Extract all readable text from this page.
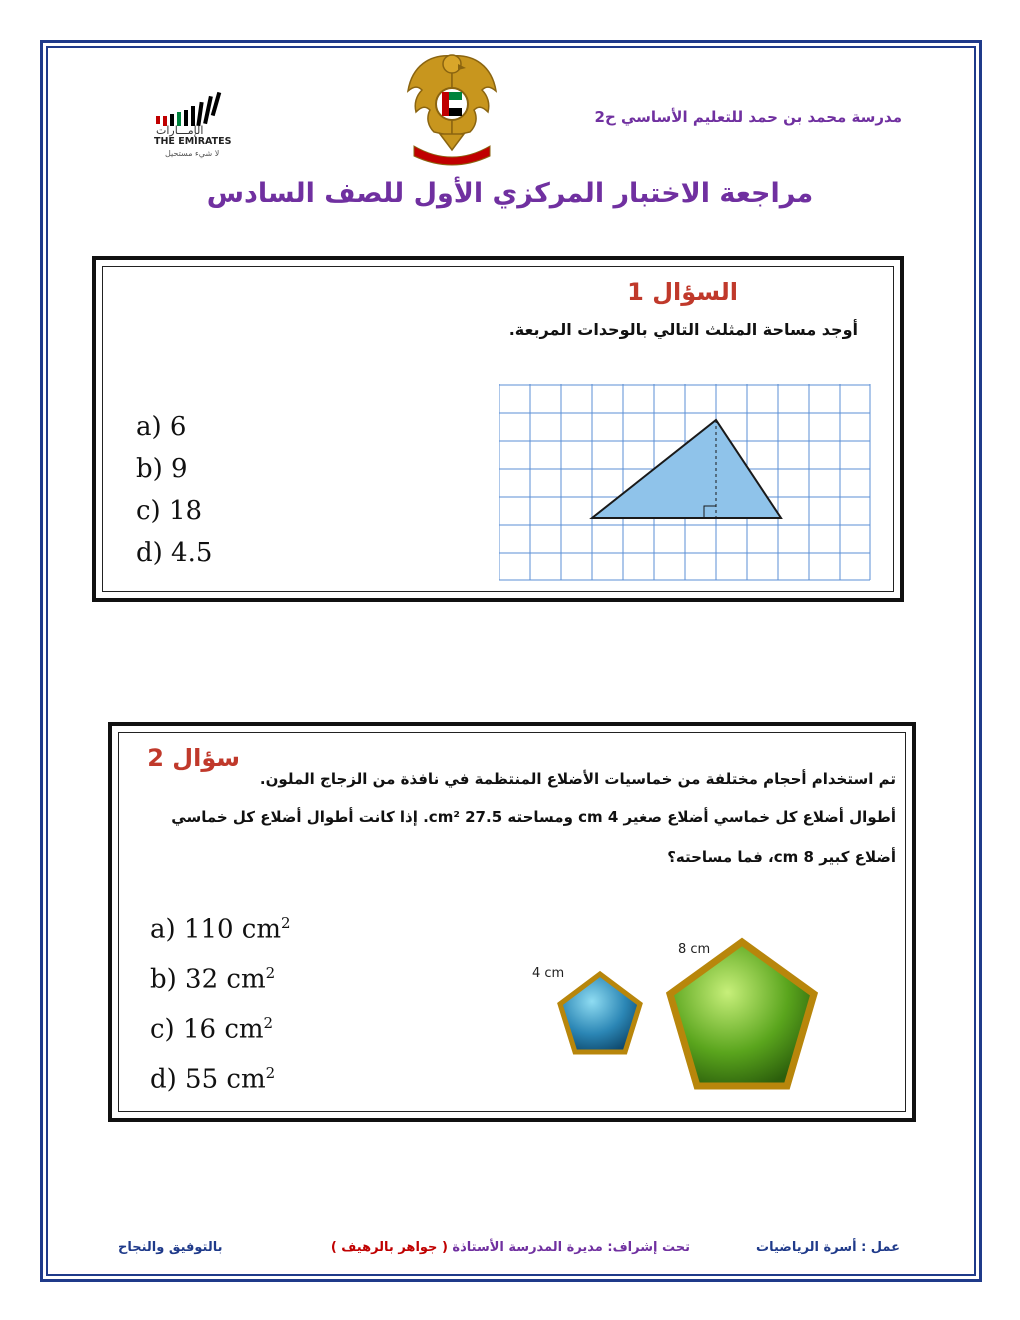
مدرسة محمد بن حمد للتعليم الأساسي ح2
الإمـــارات
THE EMIRATES
لا شيء مستحيل
مراجعة الاختبار المركزي الأول للصف السادس
السؤال 1
أوجد مساحة المثلث التالي بالوحدات المربعة.
a) 6
b) 9
c) 18
d) 4.5
سؤال 2
تم استخدام أحجام مختلفة من خماسيات الأضلاع المنتظمة في نافذة من الزجاج الملون.
أطوال أضلاع كل خماسي أضلاع صغير 4 cm ومساحته 27.5 cm². إذا كانت أطوال أضلاع كل خماسي
أضلاع كبير 8 cm، فما مساحته؟
a) 110 $cm^2$
b) 32 $cm^2$
c) 16 $cm^2$
d) 55 $cm^2$
4 cm
8 cm
عمل : أسرة الرياضيات
تحت إشراف: مديرة المدرسة الأستاذة ( جواهر بالرهيف )
بالتوفيق والنجاح
